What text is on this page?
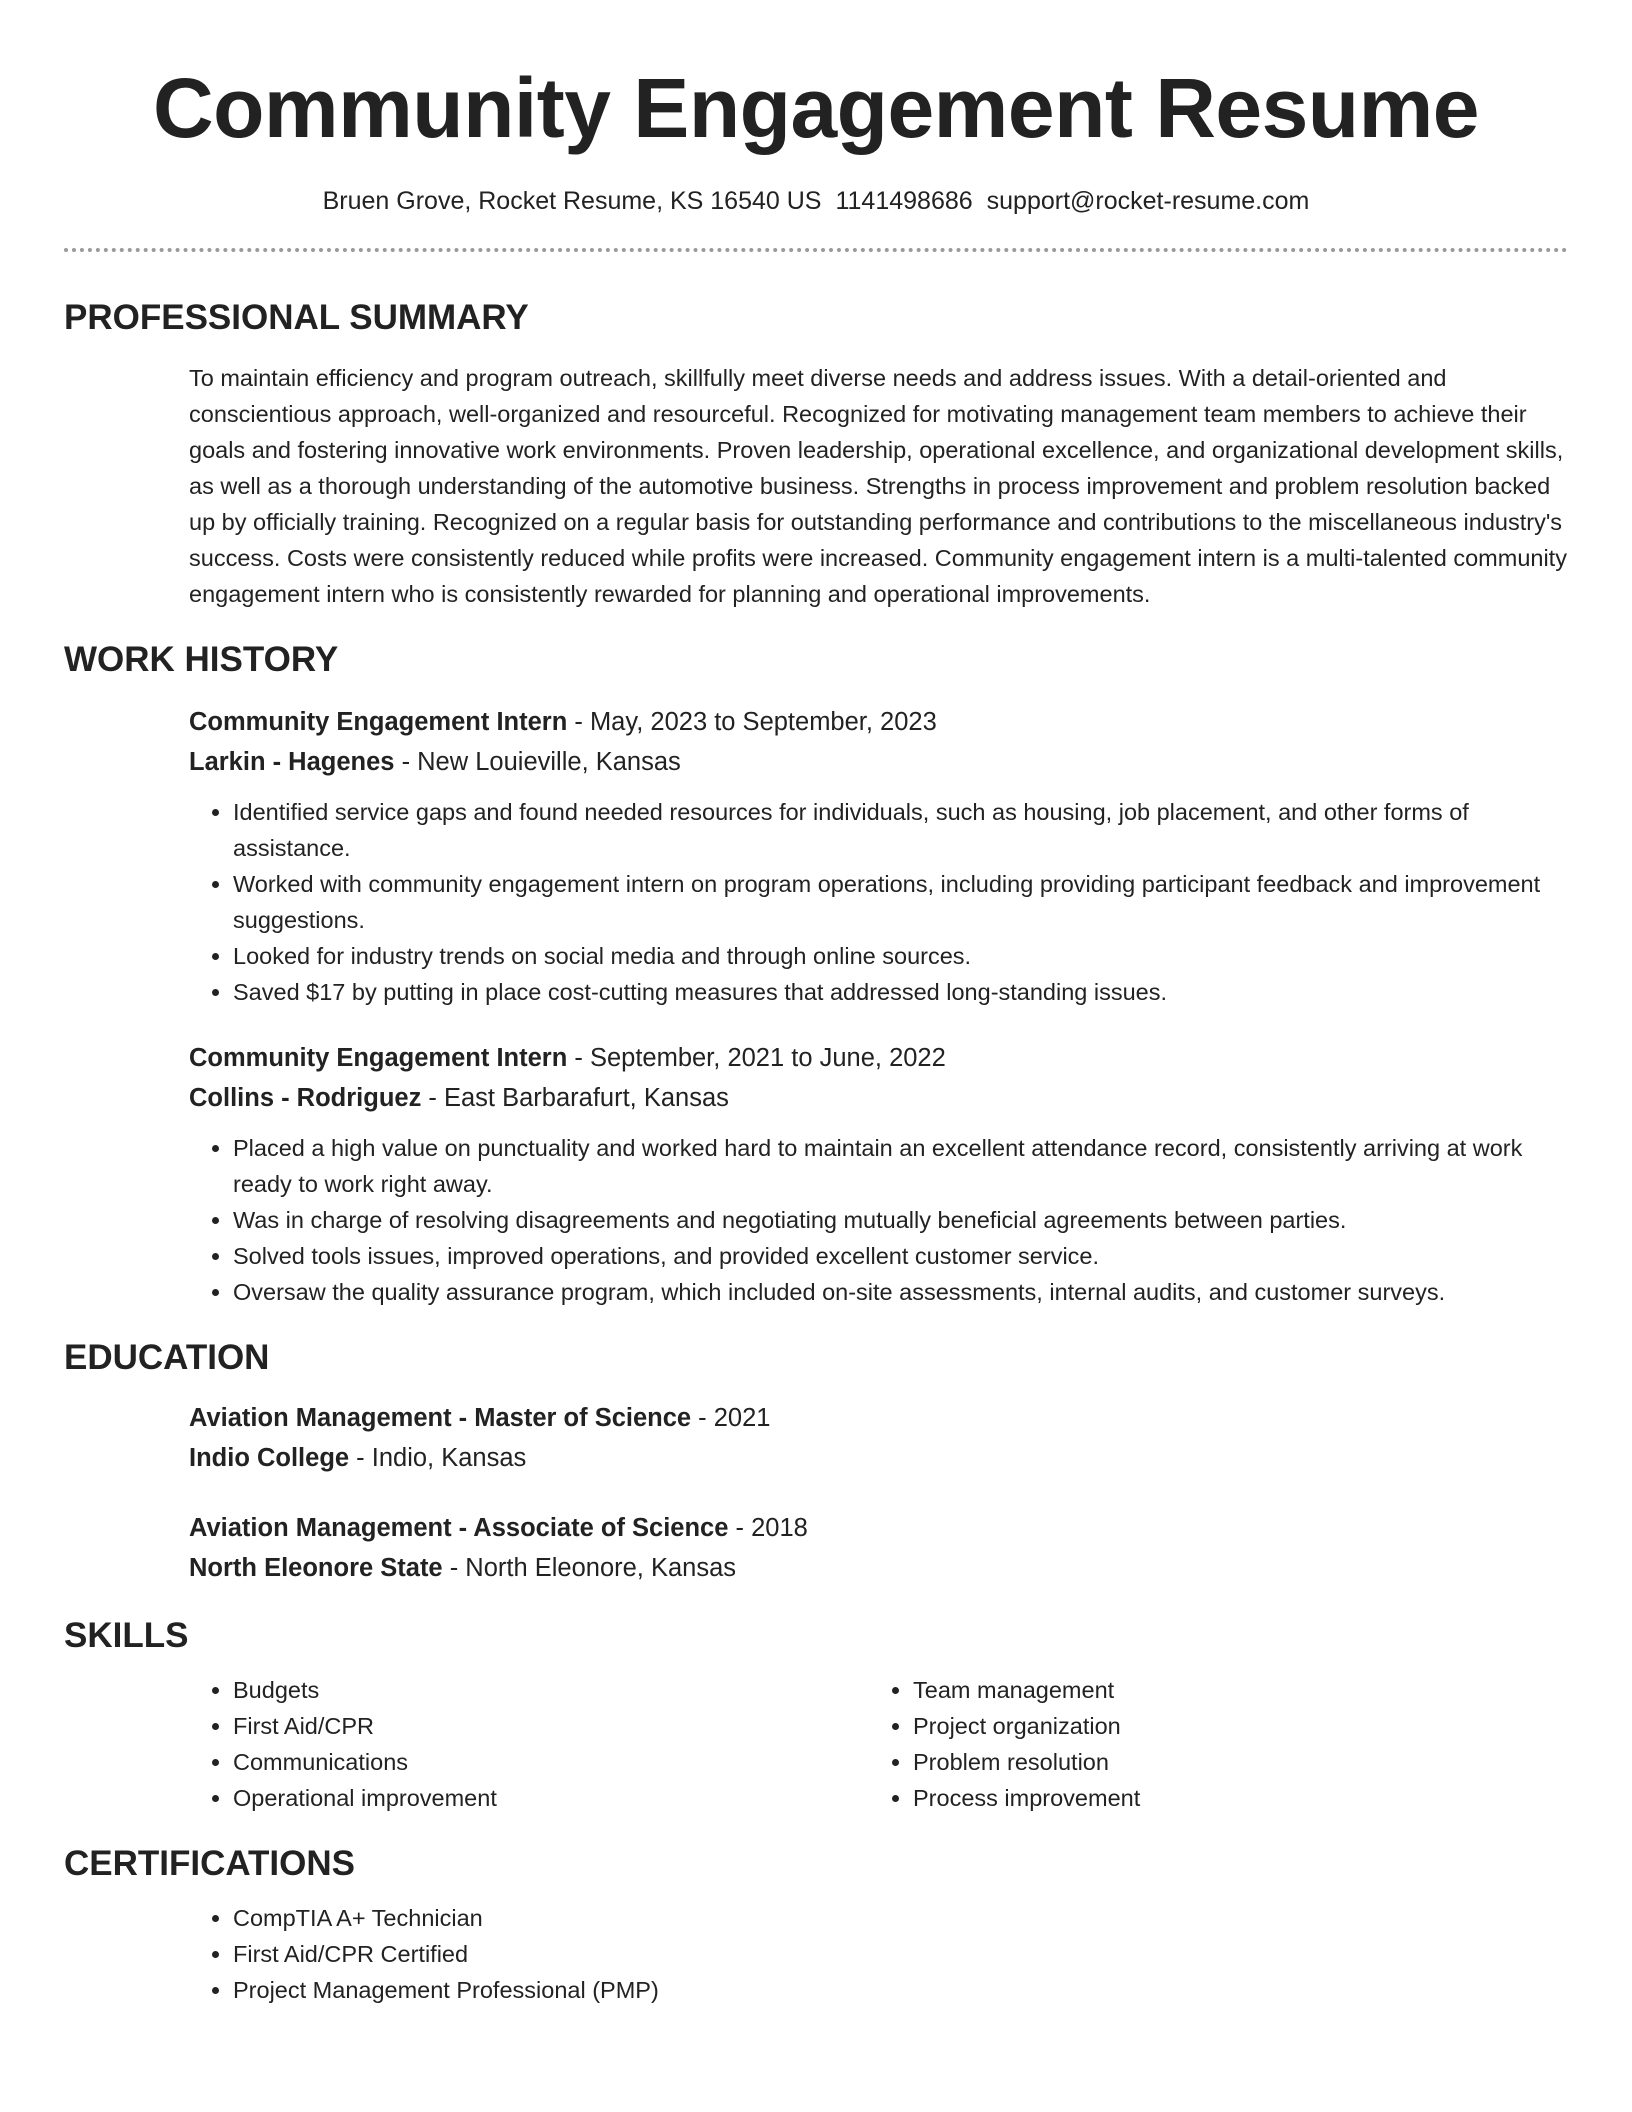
Community Engagement Resume
Bruen Grove, Rocket Resume, KS 16540 US 1141498686 support@rocket-resume.com
PROFESSIONAL SUMMARY
To maintain efficiency and program outreach, skillfully meet diverse needs and address issues. With a detail-oriented and conscientious approach, well-organized and resourceful. Recognized for motivating management team members to achieve their goals and fostering innovative work environments. Proven leadership, operational excellence, and organizational development skills, as well as a thorough understanding of the automotive business. Strengths in process improvement and problem resolution backed up by officially training. Recognized on a regular basis for outstanding performance and contributions to the miscellaneous industry's success. Costs were consistently reduced while profits were increased. Community engagement intern is a multi-talented community engagement intern who is consistently rewarded for planning and operational improvements.
WORK HISTORY
Community Engagement Intern - May, 2023 to September, 2023
Larkin - Hagenes - New Louieville, Kansas
• Identified service gaps and found needed resources for individuals, such as housing, job placement, and other forms of assistance.
• Worked with community engagement intern on program operations, including providing participant feedback and improvement suggestions.
• Looked for industry trends on social media and through online sources.
• Saved $17 by putting in place cost-cutting measures that addressed long-standing issues.
Community Engagement Intern - September, 2021 to June, 2022
Collins - Rodriguez - East Barbarafurt, Kansas
• Placed a high value on punctuality and worked hard to maintain an excellent attendance record, consistently arriving at work ready to work right away.
• Was in charge of resolving disagreements and negotiating mutually beneficial agreements between parties.
• Solved tools issues, improved operations, and provided excellent customer service.
• Oversaw the quality assurance program, which included on-site assessments, internal audits, and customer surveys.
EDUCATION
Aviation Management - Master of Science - 2021
Indio College - Indio, Kansas
Aviation Management - Associate of Science - 2018
North Eleonore State - North Eleonore, Kansas
SKILLS
• Budgets
• First Aid/CPR
• Communications
• Operational improvement
• Team management
• Project organization
• Problem resolution
• Process improvement
CERTIFICATIONS
• CompTIA A+ Technician
• First Aid/CPR Certified
• Project Management Professional (PMP)
